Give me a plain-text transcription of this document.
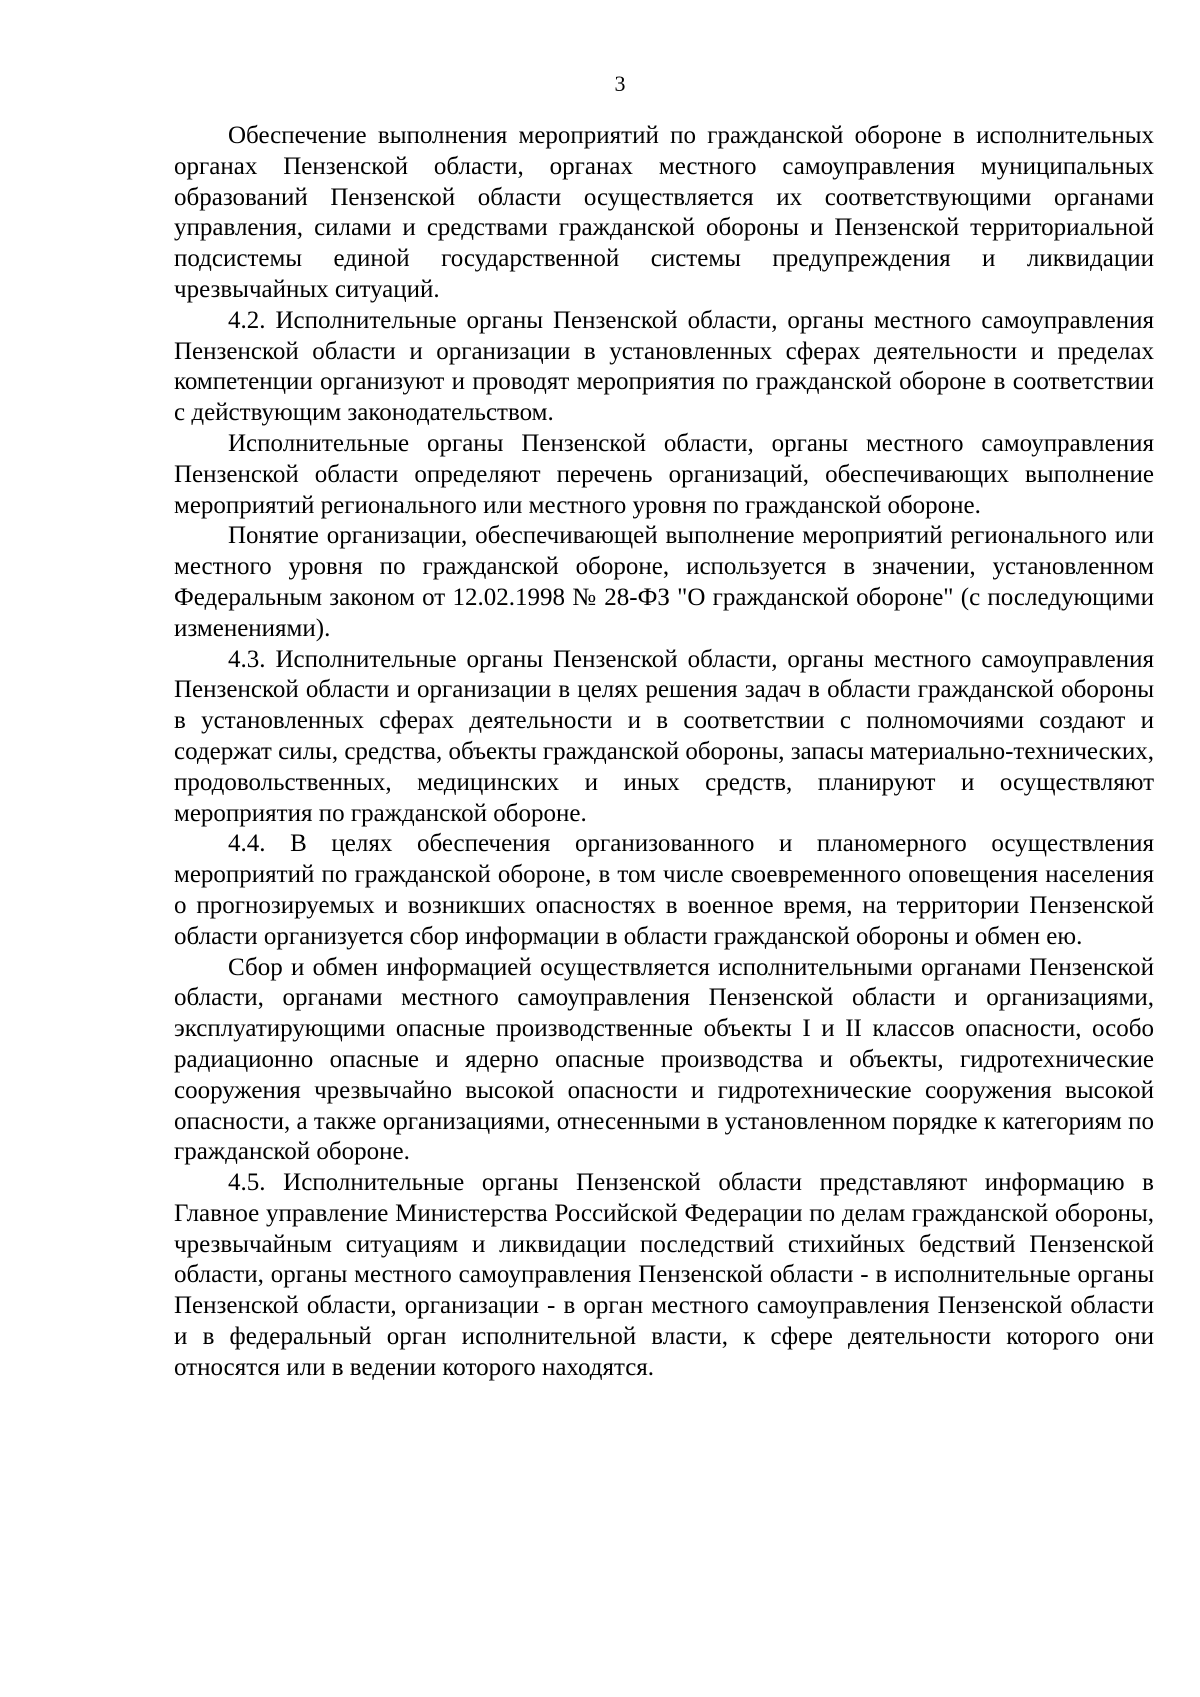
3

Обеспечение выполнения мероприятий по гражданской обороне в исполнительных органах Пензенской области, органах местного самоуправления муниципальных образований Пензенской области осуществляется их соответствующими органами управления, силами и средствами гражданской обороны и Пензенской территориальной подсистемы единой государственной системы предупреждения и ликвидации чрезвычайных ситуаций.

4.2. Исполнительные органы Пензенской области, органы местного самоуправления Пензенской области и организации в установленных сферах деятельности и пределах компетенции организуют и проводят мероприятия по гражданской обороне в соответствии с действующим законодательством.

Исполнительные органы Пензенской области, органы местного самоуправления Пензенской области определяют перечень организаций, обеспечивающих выполнение мероприятий регионального или местного уровня по гражданской обороне.

Понятие организации, обеспечивающей выполнение мероприятий регионального или местного уровня по гражданской обороне, используется в значении, установленном Федеральным законом от 12.02.1998 № 28-ФЗ "О гражданской обороне" (с последующими изменениями).

4.3. Исполнительные органы Пензенской области, органы местного самоуправления Пензенской области и организации в целях решения задач в области гражданской обороны в установленных сферах деятельности и в соответствии с полномочиями создают и содержат силы, средства, объекты гражданской обороны, запасы материально-технических, продовольственных, медицинских и иных средств, планируют и осуществляют мероприятия по гражданской обороне.

4.4. В целях обеспечения организованного и планомерного осуществления мероприятий по гражданской обороне, в том числе своевременного оповещения населения о прогнозируемых и возникших опасностях в военное время, на территории Пензенской области организуется сбор информации в области гражданской обороны и обмен ею.

Сбор и обмен информацией осуществляется исполнительными органами Пензенской области, органами местного самоуправления Пензенской области и организациями, эксплуатирующими опасные производственные объекты I и II классов опасности, особо радиационно опасные и ядерно опасные производства и объекты, гидротехнические сооружения чрезвычайно высокой опасности и гидротехнические сооружения высокой опасности, а также организациями, отнесенными в установленном порядке к категориям по гражданской обороне.

4.5. Исполнительные органы Пензенской области представляют информацию в Главное управление Министерства Российской Федерации по делам гражданской обороны, чрезвычайным ситуациям и ликвидации последствий стихийных бедствий Пензенской области, органы местного самоуправления Пензенской области - в исполнительные органы Пензенской области, организации - в орган местного самоуправления Пензенской области и в федеральный орган исполнительной власти, к сфере деятельности которого они относятся или в ведении которого находятся.
